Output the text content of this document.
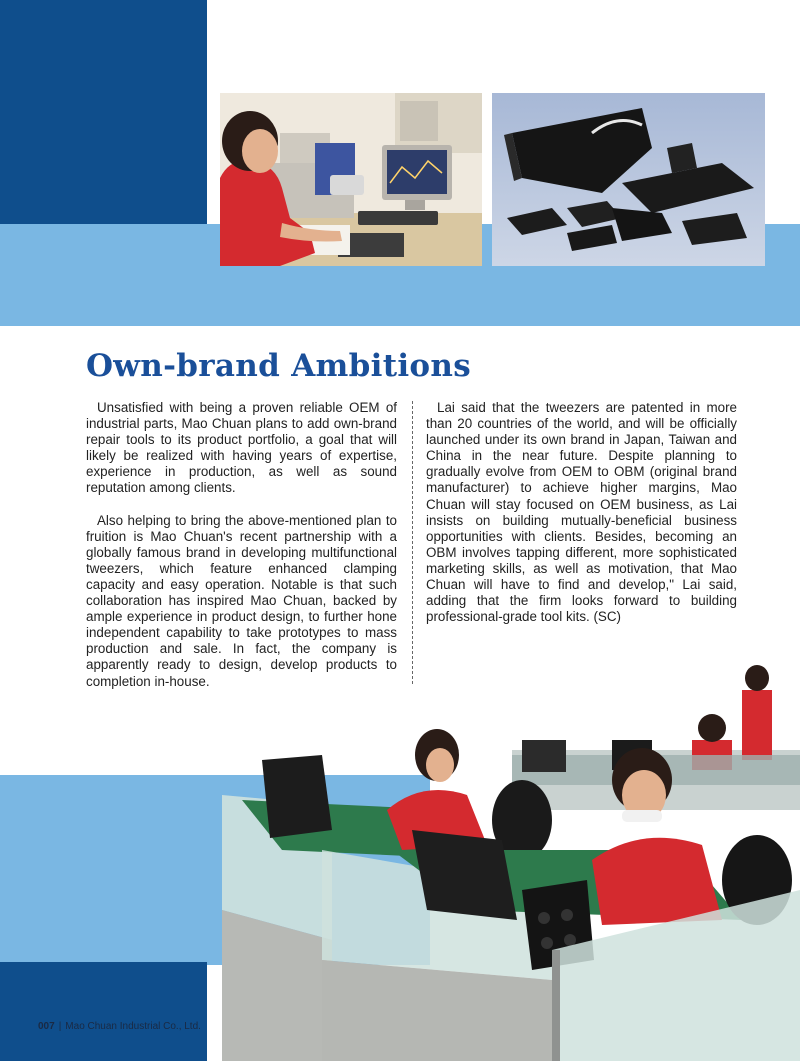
Own-brand Ambitions

Unsatisfied with being a proven reliable OEM of industrial parts, Mao Chuan plans to add own-brand repair tools to its product portfolio, a goal that will likely be realized with having years of expertise, experience in production, as well as sound reputation among clients.

Also helping to bring the above-mentioned plan to fruition is Mao Chuan's recent partnership with a globally famous brand in developing multifunctional tweezers, which feature enhanced clamping capacity and easy operation. Notable is that such collaboration has inspired Mao Chuan, backed by ample experience in product design, to further hone independent capability to take prototypes to mass production and sale. In fact, the company is apparently ready to design, develop products to completion in-house.

Lai said that the tweezers are patented in more than 20 countries of the world, and will be officially launched under its own brand in Japan, Taiwan and China in the near future. Despite planning to gradually evolve from OEM to OBM (original brand manufacturer) to achieve higher margins, Mao Chuan will stay focused on OEM business, as Lai insists on building mutually-beneficial business opportunities with clients. Besides, becoming an OBM involves tapping different, more sophisticated marketing skills, as well as motivation, that Mao Chuan will have to find and develop," Lai said, adding that the firm looks forward to building professional-grade tool kits. (SC)

007 | Mao Chuan Industrial Co., Ltd.
